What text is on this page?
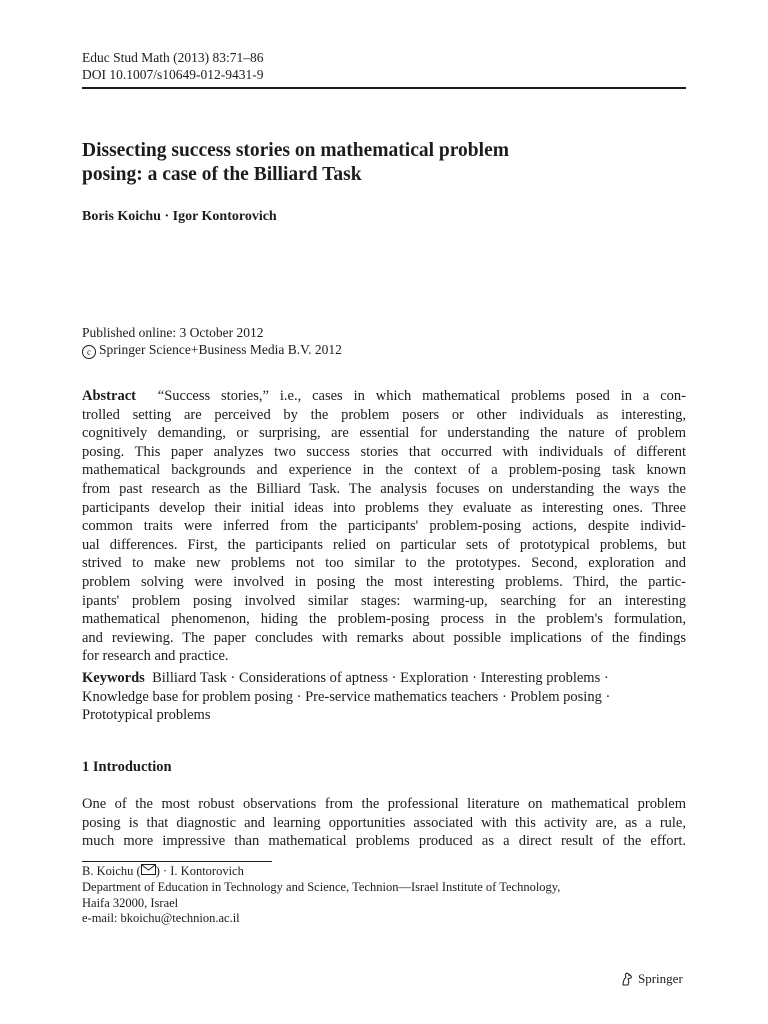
Educ Stud Math (2013) 83:71–86
DOI 10.1007/s10649-012-9431-9
Dissecting success stories on mathematical problem
posing: a case of the Billiard Task
Boris Koichu · Igor Kontorovich
Published online: 3 October 2012
c Springer Science+Business Media B.V. 2012
Abstract “Success stories,” i.e., cases in which mathematical problems posed in a con-
trolled setting are perceived by the problem posers or other individuals as interesting,
cognitively demanding, or surprising, are essential for understanding the nature of problem
posing. This paper analyzes two success stories that occurred with individuals of different
mathematical backgrounds and experience in the context of a problem-posing task known
from past research as the Billiard Task. The analysis focuses on understanding the ways the
participants develop their initial ideas into problems they evaluate as interesting ones. Three
common traits were inferred from the participants' problem-posing actions, despite individ-
ual differences. First, the participants relied on particular sets of prototypical problems, but
strived to make new problems not too similar to the prototypes. Second, exploration and
problem solving were involved in posing the most interesting problems. Third, the partic-
ipants' problem posing involved similar stages: warming-up, searching for an interesting
mathematical phenomenon, hiding the problem-posing process in the problem's formulation,
and reviewing. The paper concludes with remarks about possible implications of the findings
for research and practice.
Keywords Billiard Task · Considerations of aptness · Exploration · Interesting problems ·
Knowledge base for problem posing · Pre-service mathematics teachers · Problem posing ·
Prototypical problems
1 Introduction
One of the most robust observations from the professional literature on mathematical problem
posing is that diagnostic and learning opportunities associated with this activity are, as a rule,
much more impressive than mathematical problems produced as a direct result of the effort.
B. Koichu ( ) · I. Kontorovich
Department of Education in Technology and Science, Technion—Israel Institute of Technology,
Haifa 32000, Israel
e-mail: bkoichu@technion.ac.il
Springer
